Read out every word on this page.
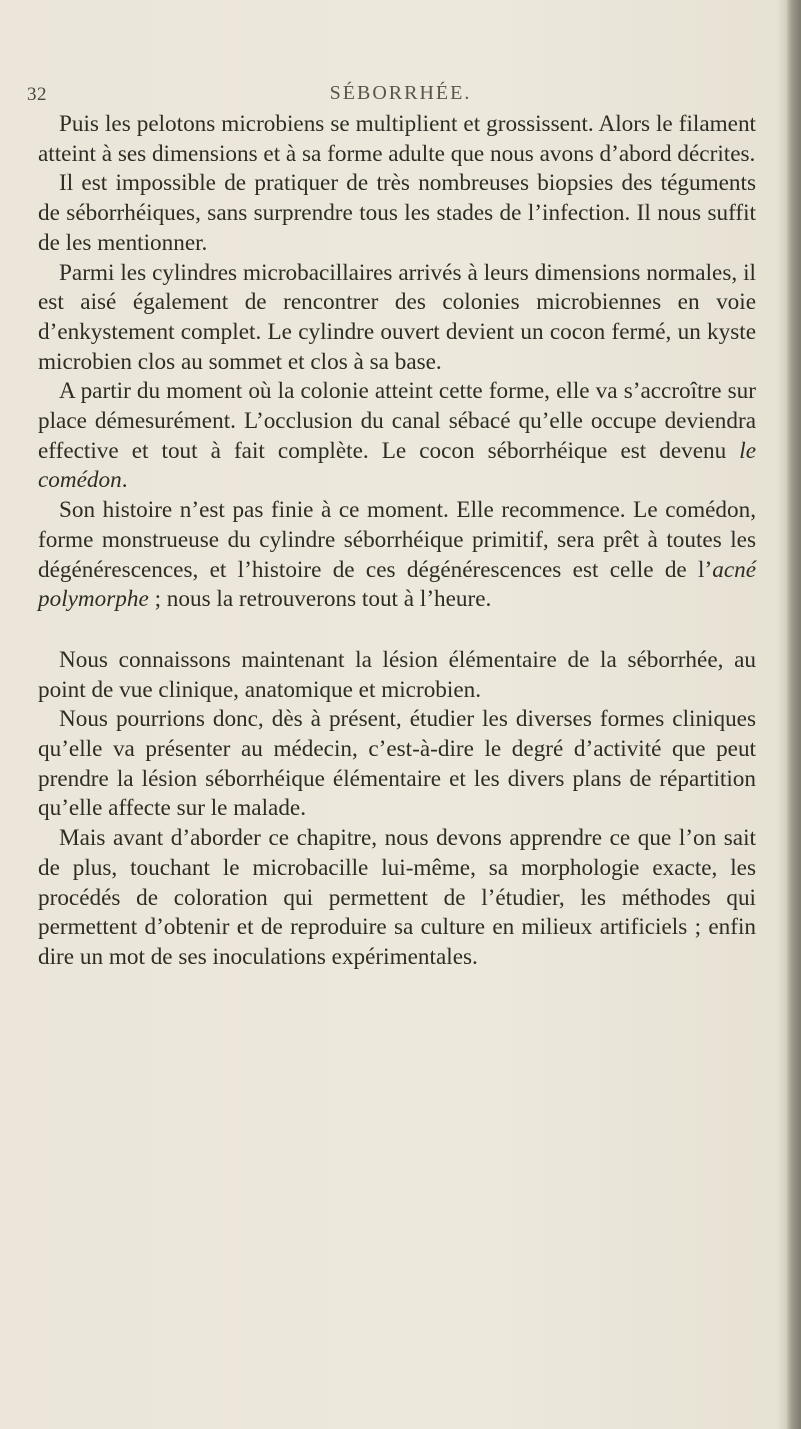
32	SÉBORRHÉE.

Puis les pelotons microbiens se multiplient et grossissent. Alors le filament atteint à ses dimensions et à sa forme adulte que nous avons d’abord décrites.

Il est impossible de pratiquer de très nombreuses biopsies des téguments de séborrhéiques, sans surprendre tous les stades de l’infection. Il nous suffit de les mentionner.

Parmi les cylindres microbacillaires arrivés à leurs dimensions normales, il est aisé également de rencontrer des colonies microbiennes en voie d’enkystement complet. Le cylindre ouvert devient un cocon fermé, un kyste microbien clos au sommet et clos à sa base.

A partir du moment où la colonie atteint cette forme, elle va s’accroître sur place démesurément. L’occlusion du canal sébacé qu’elle occupe deviendra effective et tout à fait complète. Le cocon séborrhéique est devenu le comédon.

Son histoire n’est pas finie à ce moment. Elle recommence. Le comédon, forme monstrueuse du cylindre séborrhéique primitif, sera prêt à toutes les dégénérescences, et l’histoire de ces dégénérescences est celle de l’acné polymorphe ; nous la retrouverons tout à l’heure.

Nous connaissons maintenant la lésion élémentaire de la séborrhée, au point de vue clinique, anatomique et microbien.

Nous pourrions donc, dès à présent, étudier les diverses formes cliniques qu’elle va présenter au médecin, c’est-à-dire le degré d’activité que peut prendre la lésion séborrhéique élémentaire et les divers plans de répartition qu’elle affecte sur le malade.

Mais avant d’aborder ce chapitre, nous devons apprendre ce que l’on sait de plus, touchant le microbacille lui-même, sa morphologie exacte, les procédés de coloration qui permettent de l’étudier, les méthodes qui permettent d’obtenir et de reproduire sa culture en milieux artificiels ; enfin dire un mot de ses inoculations expérimentales.
